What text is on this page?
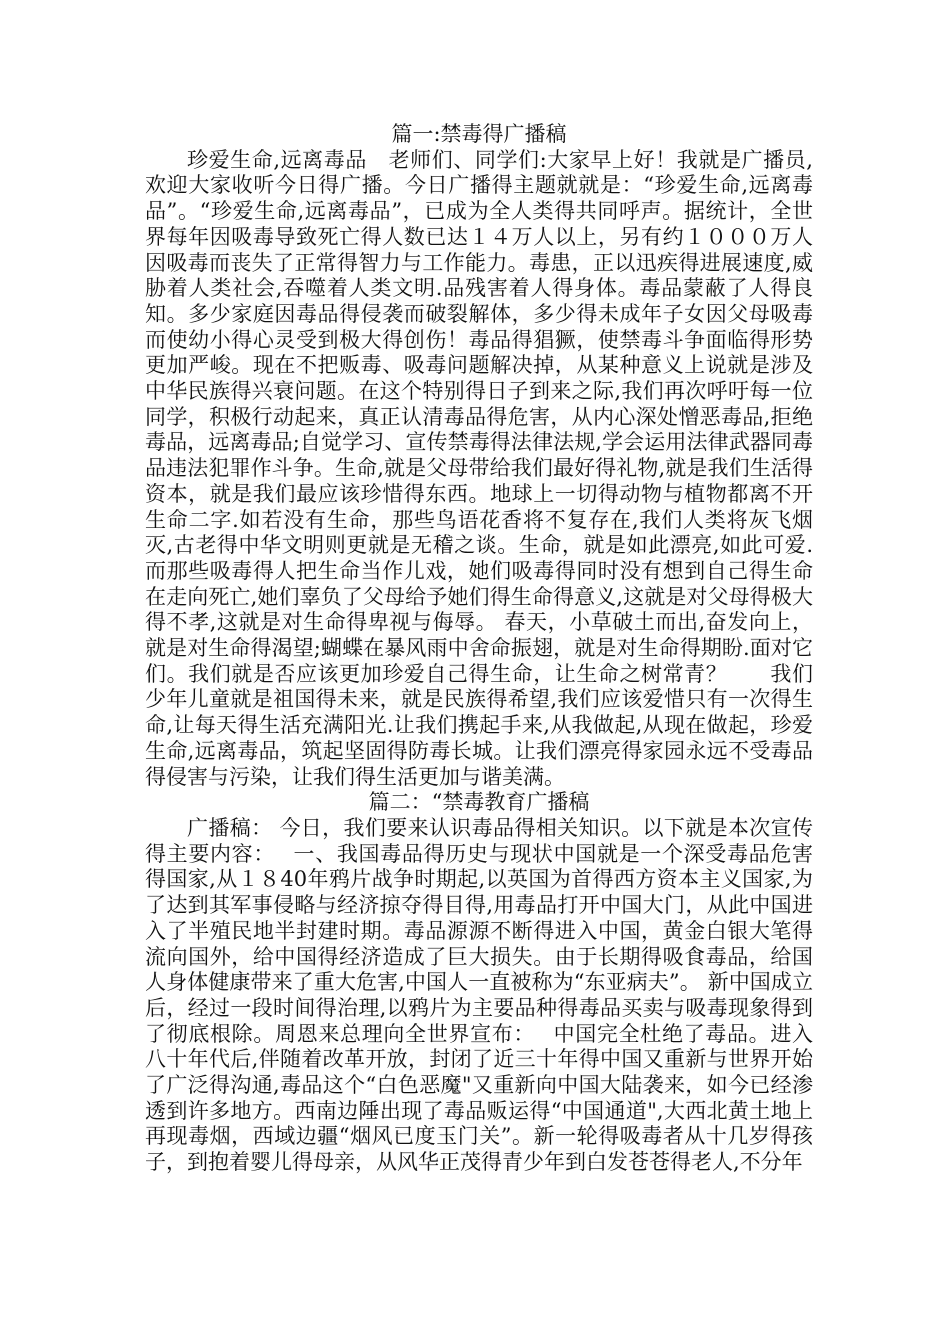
篇一:禁毒得广播稿

珍爱生命,远离毒品　老师们、同学们:大家早上好！我就是广播员,欢迎大家收听今日得广播。今日广播得主题就就是：“珍爱生命,远离毒品”。“珍爱生命,远离毒品”，已成为全人类得共同呼声。据统计，全世界每年因吸毒导致死亡得人数已达１４万人以上，另有约１０００万人因吸毒而丧失了正常得智力与工作能力。毒患，正以迅疾得进展速度,威胁着人类社会,吞噬着人类文明.品残害着人得身体。毒品蒙蔽了人得良知。多少家庭因毒品得侵袭而破裂解体，多少得未成年子女因父母吸毒而使幼小得心灵受到极大得创伤！毒品得猖獗，使禁毒斗争面临得形势更加严峻。现在不把贩毒、吸毒问题解决掉，从某种意义上说就是涉及中华民族得兴衰问题。在这个特别得日子到来之际,我们再次呼吁每一位同学，积极行动起来，真正认清毒品得危害，从内心深处憎恶毒品,拒绝毒品，远离毒品;自觉学习、宣传禁毒得法律法规,学会运用法律武器同毒品违法犯罪作斗争。生命,就是父母带给我们最好得礼物,就是我们生活得资本，就是我们最应该珍惜得东西。地球上一切得动物与植物都离不开生命二字.如若没有生命，那些鸟语花香将不复存在,我们人类将灰飞烟灭,古老得中华文明则更就是无稽之谈。生命，就是如此漂亮,如此可爱.而那些吸毒得人把生命当作儿戏，她们吸毒得同时没有想到自己得生命在走向死亡,她们辜负了父母给予她们得生命得意义,这就是对父母得极大得不孝,这就是对生命得卑视与侮辱。 春天，小草破土而出,奋发向上，就是对生命得渴望;蝴蝶在暴风雨中舍命振翅，就是对生命得期盼.面对它们。我们就是否应该更加珍爱自己得生命，让生命之树常青？　　我们少年儿童就是祖国得未来，就是民族得希望,我们应该爱惜只有一次得生命,让每天得生活充满阳光.让我们携起手来,从我做起,从现在做起，珍爱生命,远离毒品，筑起坚固得防毒长城。让我们漂亮得家园永远不受毒品得侵害与污染，让我们得生活更加与谐美满。

篇二：“禁毒教育广播稿

广播稿： 今日，我们要来认识毒品得相关知识。以下就是本次宣传得主要内容：　 一、我国毒品得历史与现状中国就是一个深受毒品危害得国家,从１８40年鸦片战争时期起,以英国为首得西方资本主义国家,为了达到其军事侵略与经济掠夺得目得,用毒品打开中国大门，从此中国进 入了半殖民地半封建时期。毒品源源不断得进入中国，黄金白银大笔得流向国外，给中国得经济造成了巨大损失。由于长期得吸食毒品，给国人身体健康带来了重大危害,中国人一直被称为“东亚病夫”。 新中国成立后，经过一段时间得治理,以鸦片为主要品种得毒品买卖与吸毒现象得到了彻底根除。周恩来总理向全世界宣布：　 中国完全杜绝了毒品。进入八十年代后,伴随着改革开放，封闭了近三十年得中国又重新与世界开始了广泛得沟通,毒品这个“白色恶魔"又重新向中国大陆袭来，如今已经渗透到许多地方。西南边陲出现了毒品贩运得“中国通道",大西北黄土地上再现毒烟，西域边疆“烟风已度玉门关”。新一轮得吸毒者从十几岁得孩子，到抱着婴儿得母亲，从风华正茂得青少年到白发苍苍得老人,不分年
